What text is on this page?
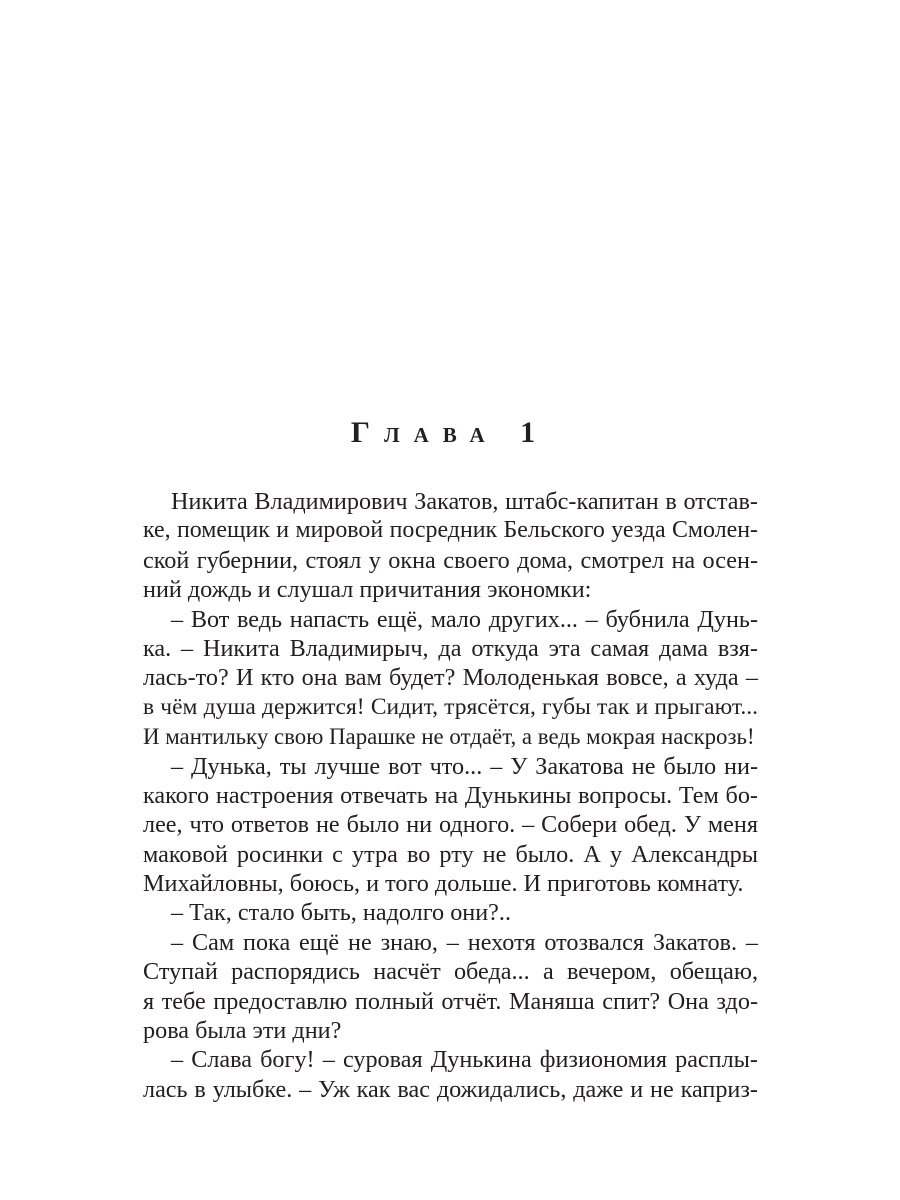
Глава 1
Никита Владимирович Закатов, штабс-капитан в отстав-
ке, помещик и мировой посредник Бельского уезда Смолен-
ской губернии, стоял у окна своего дома, смотрел на осен-
ний дождь и слушал причитания экономки:
– Вот ведь напасть ещё, мало других... – бубнила Дунь-
ка. – Никита Владимирыч, да откуда эта самая дама взя-
лась-то? И кто она вам будет? Молоденькая вовсе, а худа –
в чём душа держится! Сидит, трясётся, губы так и прыгают...
И мантильку свою Парашке не отдаёт, а ведь мокрая наскрозь!
– Дунька, ты лучше вот что... – У Закатова не было ни-
какого настроения отвечать на Дунькины вопросы. Тем бо-
лее, что ответов не было ни одного. – Собери обед. У меня
маковой росинки с утра во рту не было. А у Александры
Михайловны, боюсь, и того дольше. И приготовь комнату.
– Так, стало быть, надолго они?..
– Сам пока ещё не знаю, – нехотя отозвался Закатов. –
Ступай распорядись насчёт обеда... а вечером, обещаю,
я тебе предоставлю полный отчёт. Маняша спит? Она здо-
рова была эти дни?
– Слава богу! – суровая Дунькина физиономия расплы-
лась в улыбке. – Уж как вас дожидались, даже и не каприз-
